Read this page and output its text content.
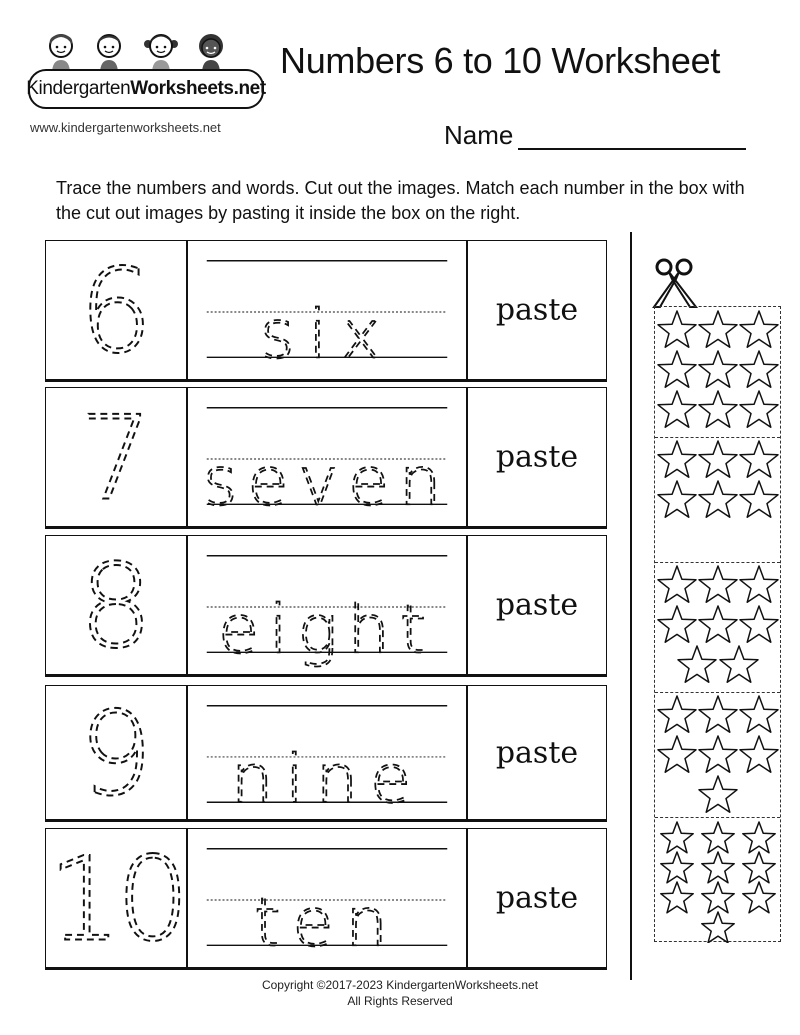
Kindergarten Worksheets.net
www.kindergartenworksheets.net
Numbers 6 to 10 Worksheet
Name
Trace the numbers and words. Cut out the images. Match each number in the box with the cut out images by pasting it inside the box on the right.
6 six	paste
7 seven	paste
8 eight	paste
9 nine	paste
10 ten	paste
Copyright ©2017-2023 KindergartenWorksheets.net
All Rights Reserved
